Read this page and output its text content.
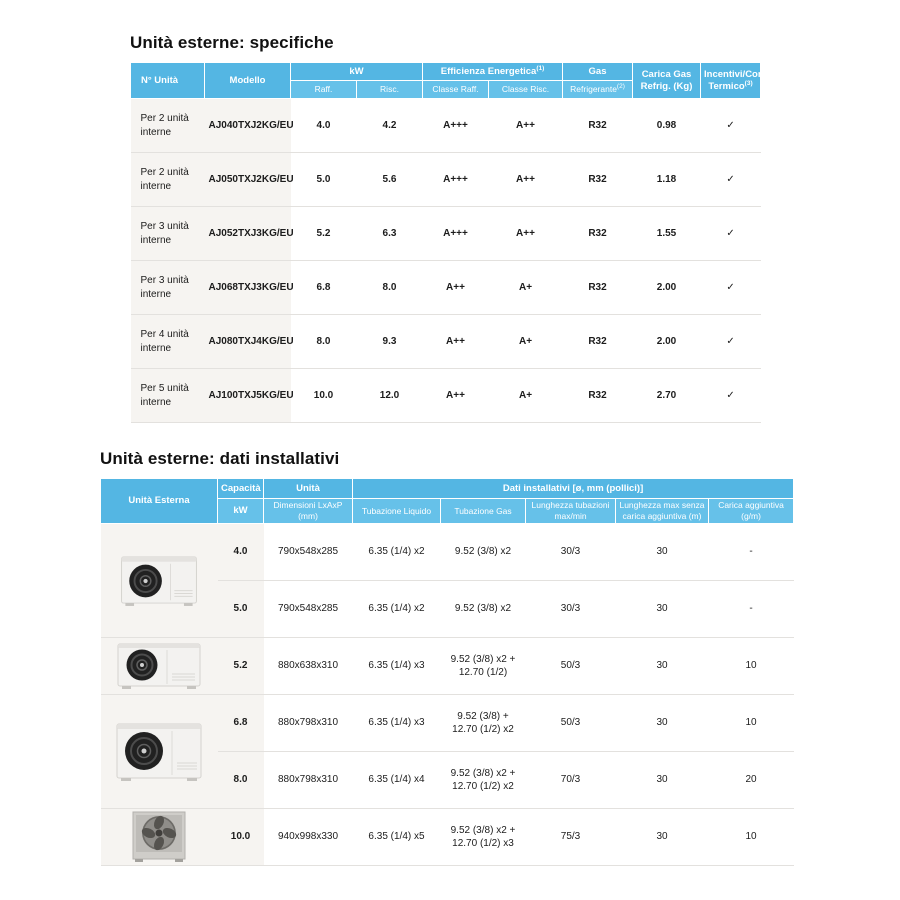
Unità esterne: specifiche
N° Unità	Modello	kW		Efficienza Energetica$^{(1)}$		Gas	Carica Gas Refrig. (Kg)	Incentivi/Conto Termico$^{(3)}$
		Raff.	Risc.	Classe Raff.	Classe Risc.	Refrigerante$^{(2)}$
Per 2 unità interne	AJ040TXJ2KG/EU	4.0	4.2	A+++	A++	R32	0.98	✓
Per 2 unità interne	AJ050TXJ2KG/EU	5.0	5.6	A+++	A++	R32	1.18	✓
Per 3 unità interne	AJ052TXJ3KG/EU	5.2	6.3	A+++	A++	R32	1.55	✓
Per 3 unità interne	AJ068TXJ3KG/EU	6.8	8.0	A++	A+	R32	2.00	✓
Per 4 unità interne	AJ080TXJ4KG/EU	8.0	9.3	A++	A+	R32	2.00	✓
Per 5 unità interne	AJ100TXJ5KG/EU	10.0	12.0	A++	A+	R32	2.70	✓
Unità esterne: dati installativi
Unità Esterna	Capacità	Unità	Dati installativi [ø, mm (pollici)]				
	kW	Dimensioni LxAxP (mm)	Tubazione Liquido	Tubazione Gas	Lunghezza tubazioni max/min	Lunghezza max senza carica aggiuntiva (m)	Carica aggiuntiva (g/m)

	4.0	790x548x285	6.35 (1/4) x2	9.52 (3/8) x2	30/3	30	-
	5.0	790x548x285	6.35 (1/4) x2	9.52 (3/8) x2	30/3	30	-

	5.2	880x638x310	6.35 (1/4) x3	9.52 (3/8) x2 + 12.70 (1/2)	50/3	30	10

	6.8	880x798x310	6.35 (1/4) x3	9.52 (3/8) + 12.70 (1/2) x2	50/3	30	10
	8.0	880x798x310	6.35 (1/4) x4	9.52 (3/8) x2 + 12.70 (1/2) x2	70/3	30	20

	10.0	940x998x330	6.35 (1/4) x5	9.52 (3/8) x2 + 12.70 (1/2) x3	75/3	30	10
